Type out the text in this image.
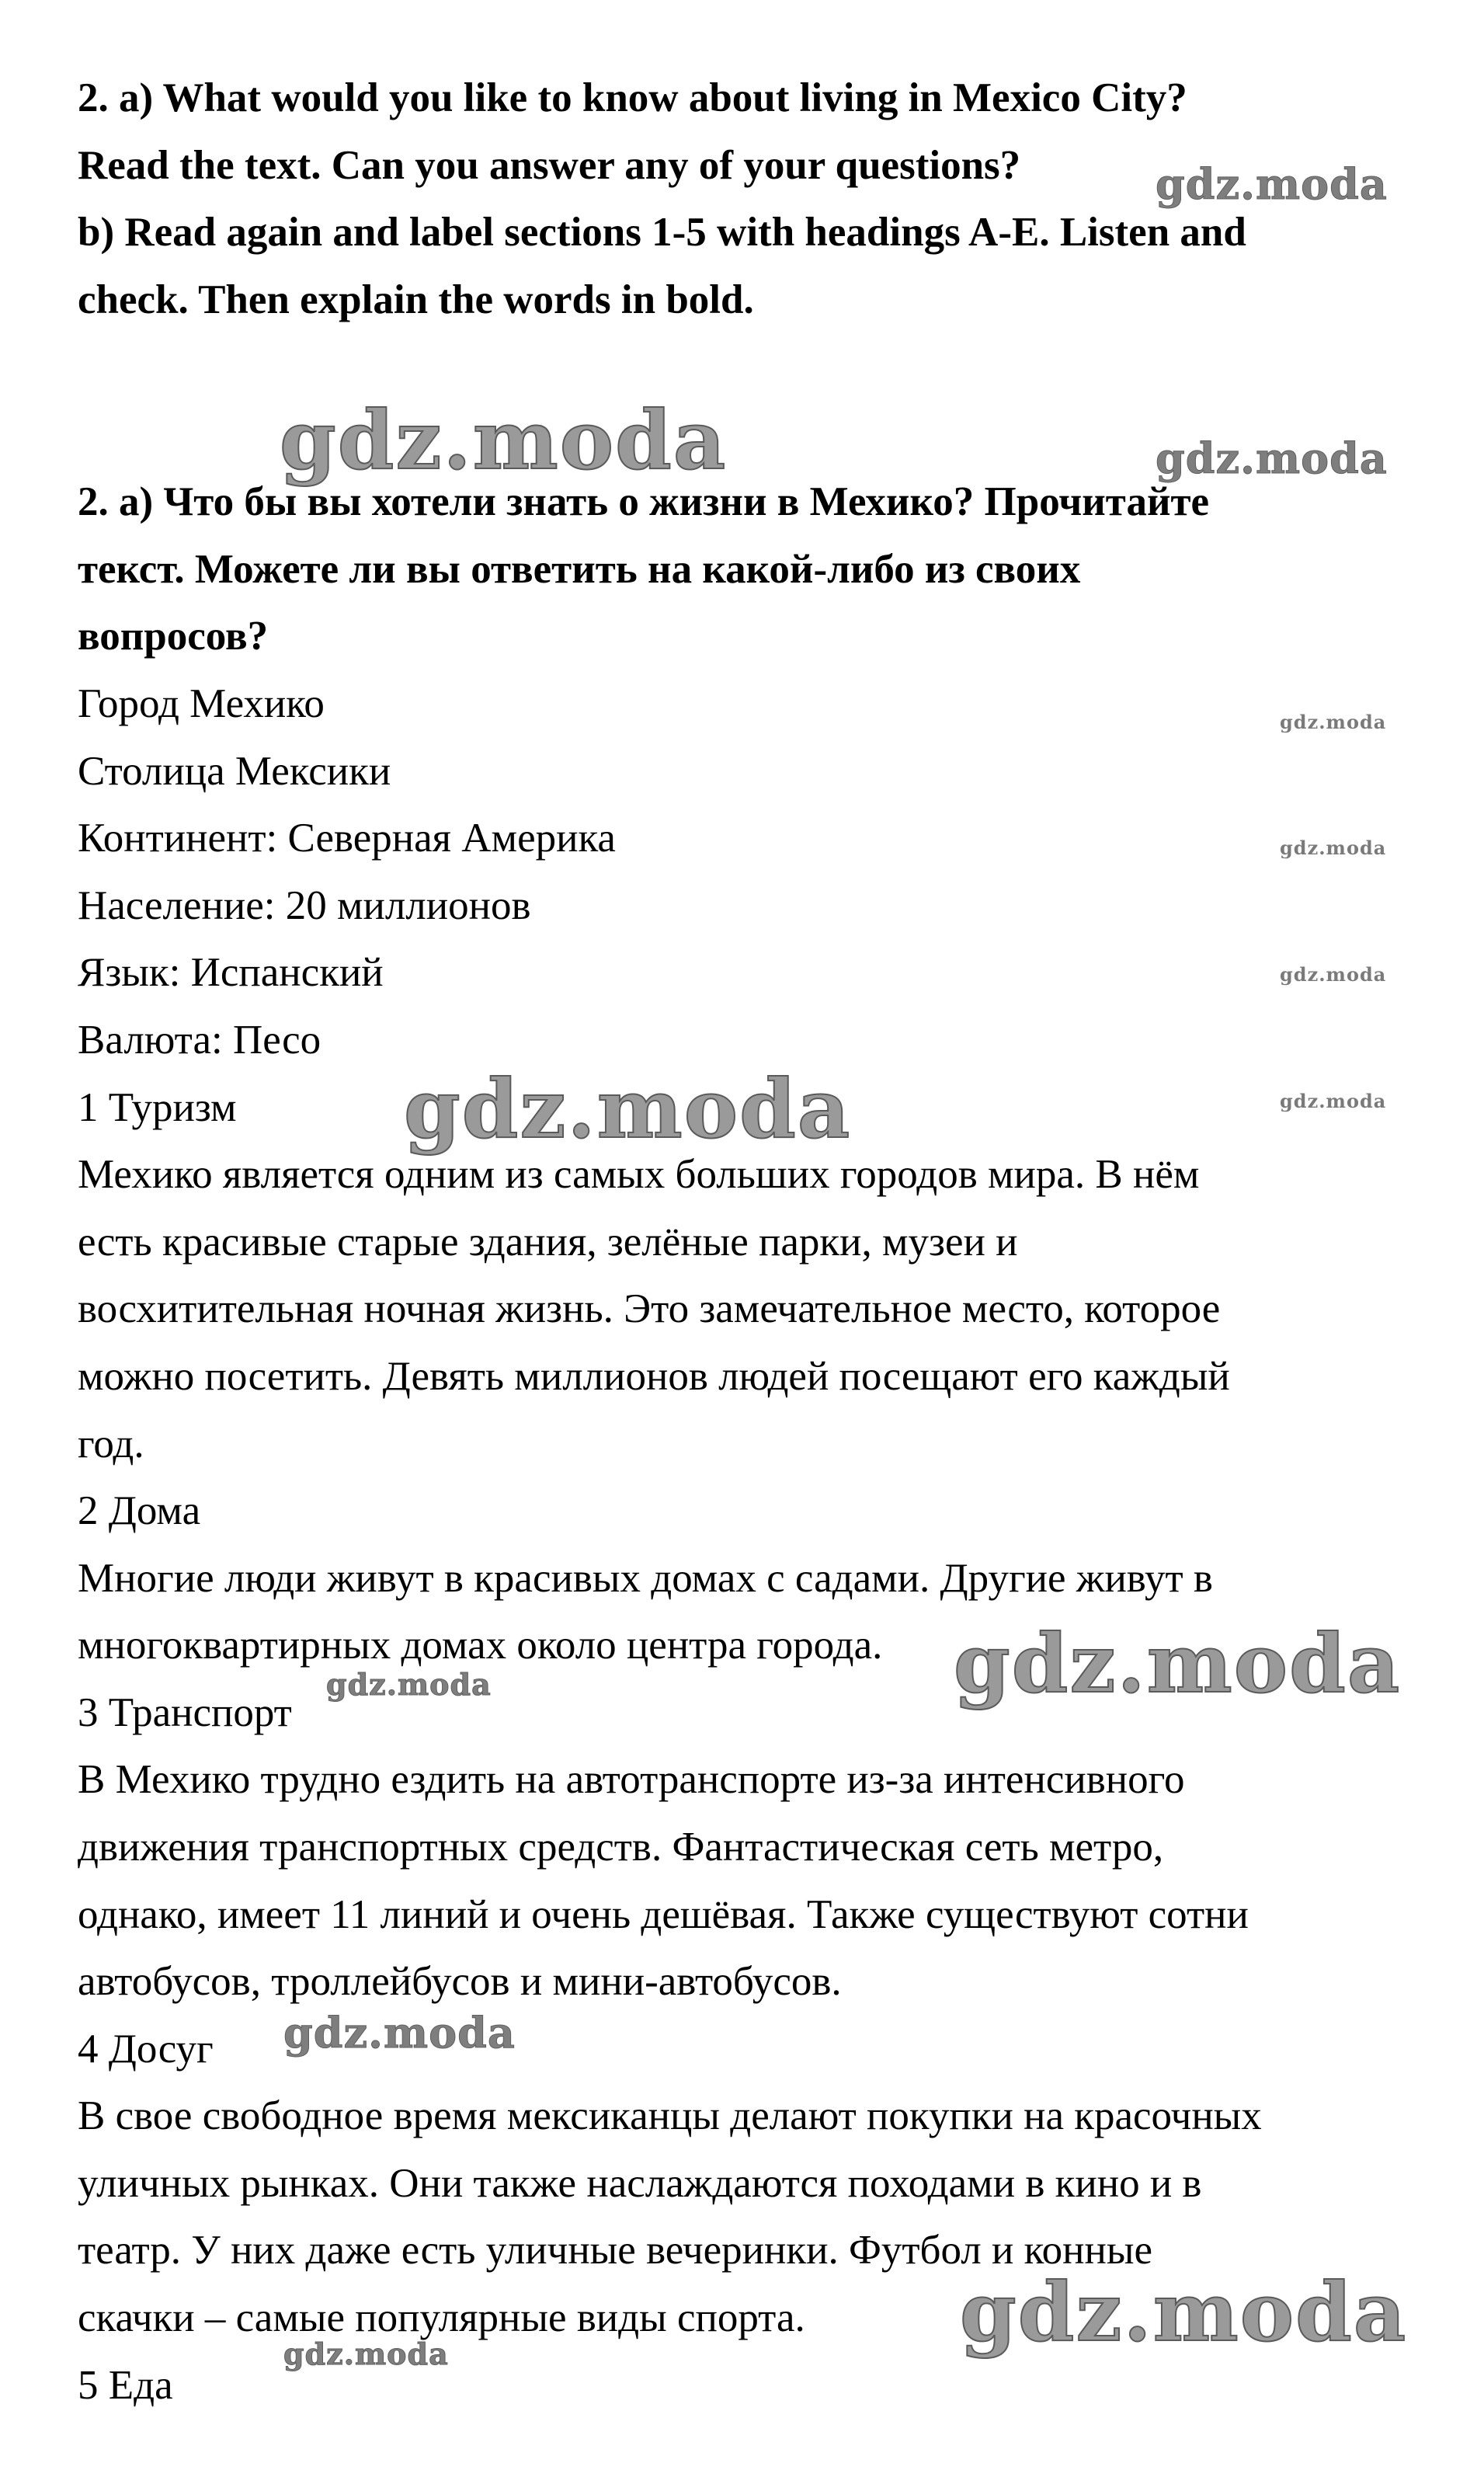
2. a) What would you like to know about living in Mexico City?
Read the text. Can you answer any of your questions?
b) Read again and label sections 1-5 with headings A-E. Listen and
check. Then explain the words in bold.
2. а) Что бы вы хотели знать о жизни в Мехико? Прочитайте
текст. Можете ли вы ответить на какой-либо из своих
вопросов?
Город Мехико
Столица Мексики
Континент: Северная Америка
Население: 20 миллионов
Язык: Испанский
Валюта: Песо
1 Туризм
Мехико является одним из самых больших городов мира. В нём
есть красивые старые здания, зелёные парки, музеи и
восхитительная ночная жизнь. Это замечательное место, которое
можно посетить. Девять миллионов людей посещают его каждый
год.
2 Дома
Многие люди живут в красивых домах с садами. Другие живут в
многоквартирных домах около центра города.
3 Транспорт
В Мехико трудно ездить на автотранспорте из-за интенсивного
движения транспортных средств. Фантастическая сеть метро,
однако, имеет 11 линий и очень дешёвая. Также существуют сотни
автобусов, троллейбусов и мини-автобусов.
4 Досуг
В свое свободное время мексиканцы делают покупки на красочных
уличных рынках. Они также наслаждаются походами в кино и в
театр. У них даже есть уличные вечеринки. Футбол и конные
скачки – самые популярные виды спорта.
5 Еда
gdz.moda
gdz.moda	gdz.moda
gdz.moda
gdz.moda
gdz.moda
gdz.moda
gdz.moda
gdz.moda
gdz.moda
gdz.moda
gdz.moda
gdz.moda
